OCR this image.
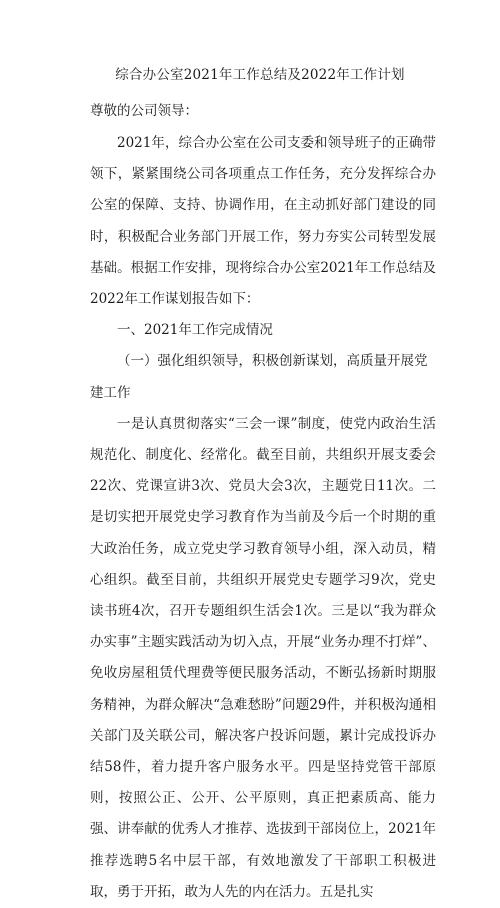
综合办公室2021年工作总结及2022年工作计划

尊敬的公司领导：

2021年，综合办公室在公司支委和领导班子的正确带领下，紧紧围绕公司各项重点工作任务，充分发挥综合办公室的保障、支持、协调作用，在主动抓好部门建设的同时，积极配合业务部门开展工作，努力夯实公司转型发展基础。根据工作安排，现将综合办公室2021年工作总结及2022年工作谋划报告如下：

一、2021年工作完成情况

（一）强化组织领导，积极创新谋划，高质量开展党建工作

一是认真贯彻落实“三会一课”制度，使党内政治生活规范化、制度化、经常化。截至目前，共组织开展支委会22次、党课宣讲3次、党员大会3次，主题党日11次。二是切实把开展党史学习教育作为当前及今后一个时期的重大政治任务，成立党史学习教育领导小组，深入动员，精心组织。截至目前，共组织开展党史专题学习9次，党史读书班4次，召开专题组织生活会1次。三是以“我为群众办实事”主题实践活动为切入点，开展“业务办理不打烊”、免收房屋租赁代理费等便民服务活动，不断弘扬新时期服务精神，为群众解决“急难愁盼”问题29件，并积极沟通相关部门及关联公司，解决客户投诉问题，累计完成投诉办结58件，着力提升客户服务水平。四是坚持党管干部原则，按照公正、公开、公平原则，真正把素质高、能力强、讲奉献的优秀人才推荐、选拔到干部岗位上，2021年推荐选聘5名中层干部，有效地激发了干部职工积极进取，勇于开拓，敢为人先的内在活力。五是扎实
